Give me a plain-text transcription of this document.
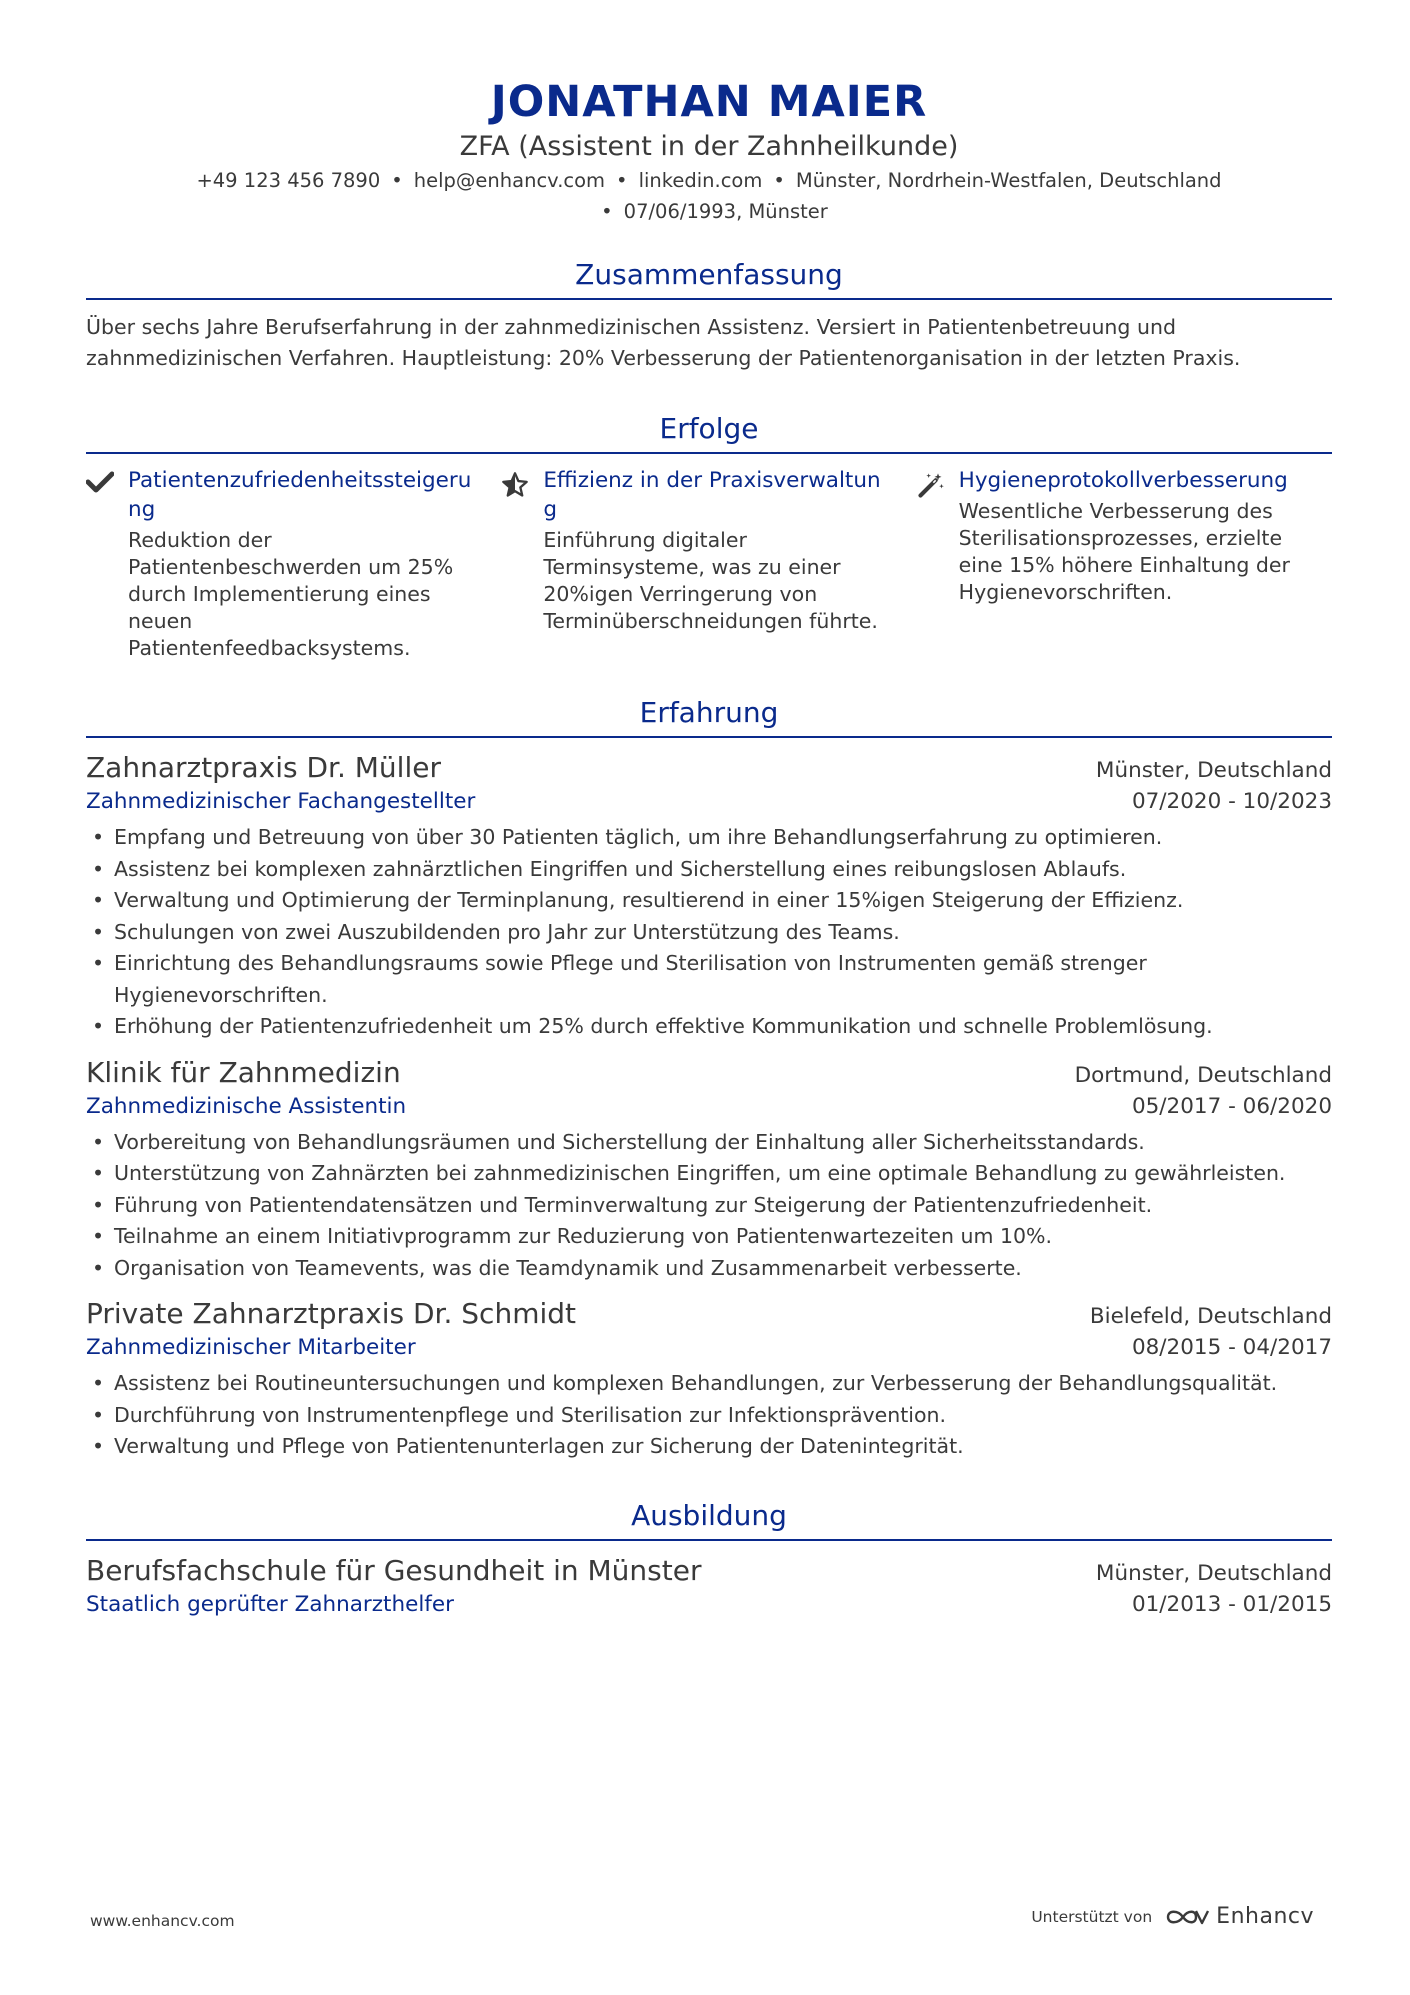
JONATHAN MAIER
ZFA (Assistent in der Zahnheilkunde)
+49 123 456 7890 • help@enhancv.com • linkedin.com • Münster, Nordrhein-Westfalen, Deutschland
• 07/06/1993, Münster
Zusammenfassung
Über sechs Jahre Berufserfahrung in der zahnmedizinischen Assistenz. Versiert in Patientenbetreuung und zahnmedizinischen Verfahren. Hauptleistung: 20% Verbesserung der Patientenorganisation in der letzten Praxis.
Erfolge
Patientenzufriedenheitssteigerung
Reduktion der Patientenbeschwerden um 25% durch Implementierung eines neuen Patientenfeedbacksystems.
Effizienz in der Praxisverwaltung
Einführung digitaler Terminsysteme, was zu einer 20%igen Verringerung von Terminüberschneidungen führte.
Hygieneprotokollverbesserung
Wesentliche Verbesserung des Sterilisationsprozesses, erzielte eine 15% höhere Einhaltung der Hygienevorschriften.
Erfahrung
Zahnarztpraxis Dr. Müller	Münster, Deutschland
Zahnmedizinischer Fachangestellter	07/2020 - 10/2023
• Empfang und Betreuung von über 30 Patienten täglich, um ihre Behandlungserfahrung zu optimieren.
• Assistenz bei komplexen zahnärztlichen Eingriffen und Sicherstellung eines reibungslosen Ablaufs.
• Verwaltung und Optimierung der Terminplanung, resultierend in einer 15%igen Steigerung der Effizienz.
• Schulungen von zwei Auszubildenden pro Jahr zur Unterstützung des Teams.
• Einrichtung des Behandlungsraums sowie Pflege und Sterilisation von Instrumenten gemäß strenger Hygienevorschriften.
• Erhöhung der Patientenzufriedenheit um 25% durch effektive Kommunikation und schnelle Problemlösung.
Klinik für Zahnmedizin	Dortmund, Deutschland
Zahnmedizinische Assistentin	05/2017 - 06/2020
• Vorbereitung von Behandlungsräumen und Sicherstellung der Einhaltung aller Sicherheitsstandards.
• Unterstützung von Zahnärzten bei zahnmedizinischen Eingriffen, um eine optimale Behandlung zu gewährleisten.
• Führung von Patientendatensätzen und Terminverwaltung zur Steigerung der Patientenzufriedenheit.
• Teilnahme an einem Initiativprogramm zur Reduzierung von Patientenwartezeiten um 10%.
• Organisation von Teamevents, was die Teamdynamik und Zusammenarbeit verbesserte.
Private Zahnarztpraxis Dr. Schmidt	Bielefeld, Deutschland
Zahnmedizinischer Mitarbeiter	08/2015 - 04/2017
• Assistenz bei Routineuntersuchungen und komplexen Behandlungen, zur Verbesserung der Behandlungsqualität.
• Durchführung von Instrumentenpflege und Sterilisation zur Infektionsprävention.
• Verwaltung und Pflege von Patientenunterlagen zur Sicherung der Datenintegrität.
Ausbildung
Berufsfachschule für Gesundheit in Münster	Münster, Deutschland
Staatlich geprüfter Zahnarzthelfer	01/2013 - 01/2015
www.enhancv.com	Unterstützt von	Enhancv
